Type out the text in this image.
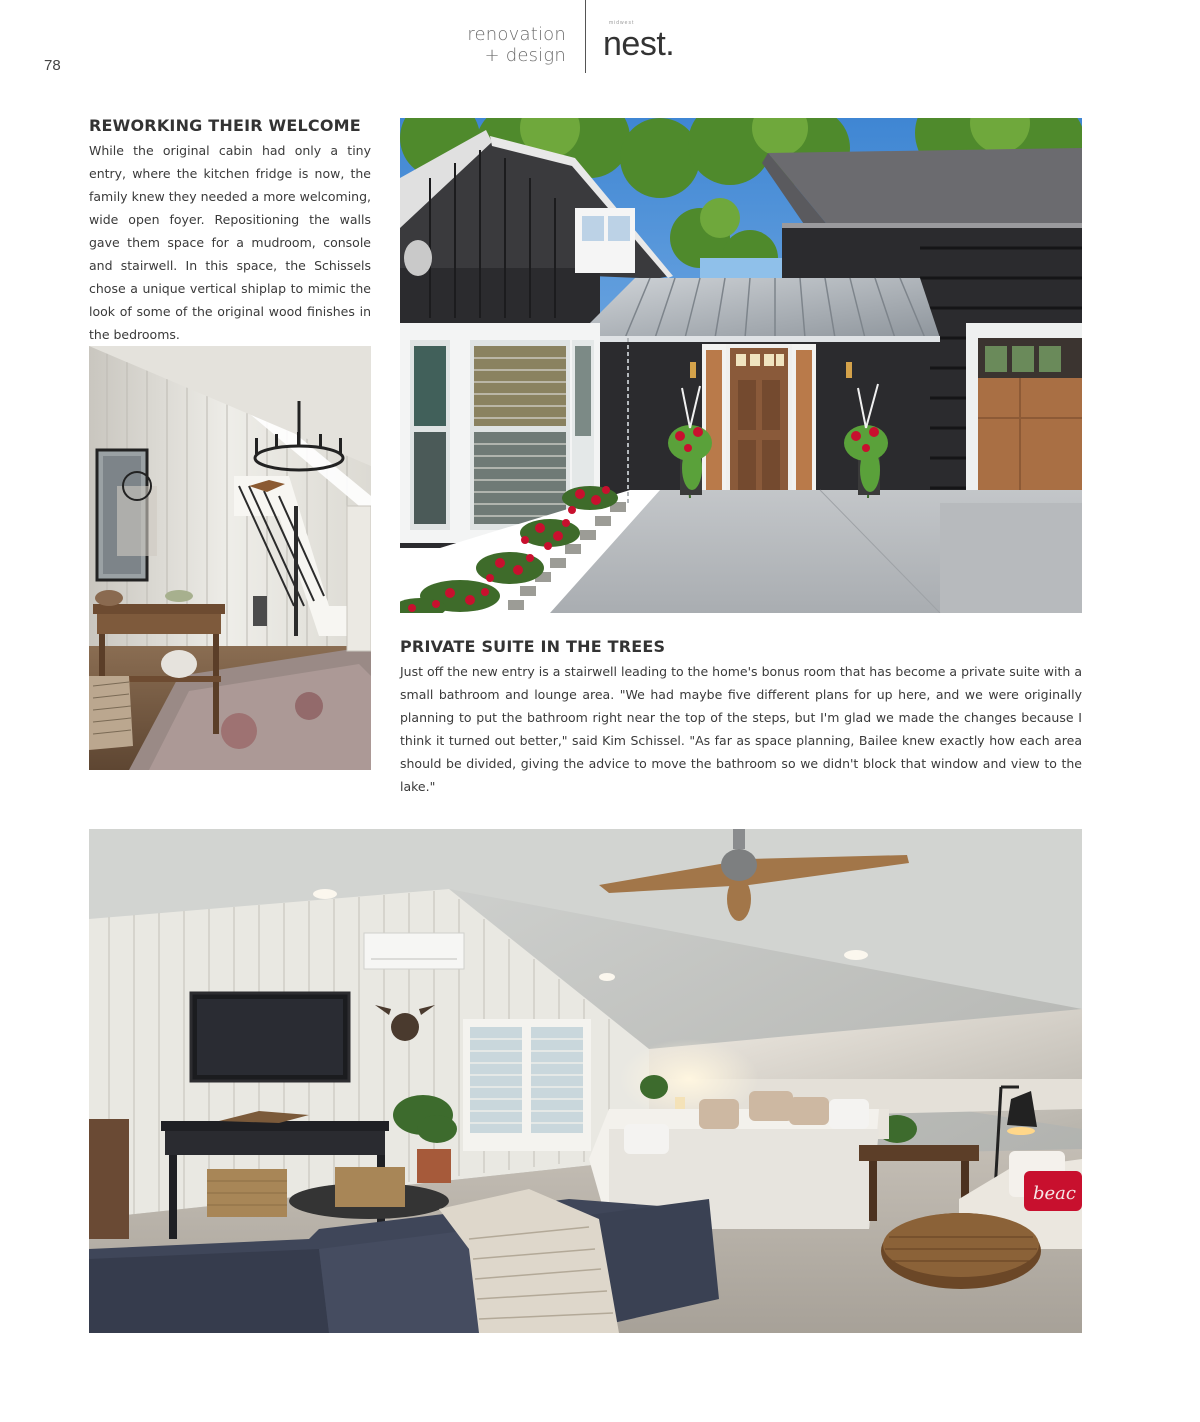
78
renovation
+ design
midwest
nest.
REWORKING THEIR WELCOME

While the original cabin had only a tiny entry, where the kitchen fridge is now, the family knew they needed a more welcoming, wide open foyer. Repositioning the walls gave them space for a mudroom, console and stairwell. In this space, the Schissels chose a unique vertical shiplap to mimic the look of some of the original wood finishes in the bedrooms.

PRIVATE SUITE IN THE TREES

Just off the new entry is a stairwell leading to the home's bonus room that has become a private suite with a small bathroom and lounge area. "We had maybe five different plans for up here, and we were originally planning to put the bathroom right near the top of the steps, but I'm glad we made the changes because I think it turned out better," said Kim Schissel. "As far as space planning, Bailee knew exactly how each area should be divided, giving the advice to move the bathroom so we didn't block that window and view to the lake."

beac
